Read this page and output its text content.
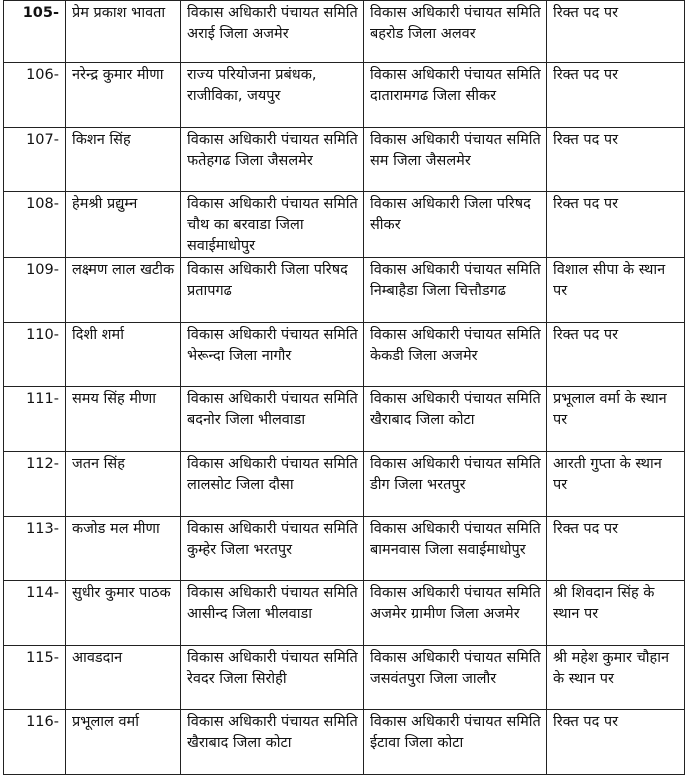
105-	प्रेम प्रकाश भावता	विकास अधिकारी पंचायत समिति अराई जिला अजमेर	विकास अधिकारी पंचायत समिति बहरोड जिला अलवर	रिक्त पद पर
106-	नरेन्द्र कुमार मीणा	राज्य परियोजना प्रबंधक, राजीविका, जयपुर	विकास अधिकारी पंचायत समिति दातारामगढ जिला सीकर	रिक्त पद पर
107-	किशन सिंह	विकास अधिकारी पंचायत समिति फतेहगढ जिला जैसलमेर	विकास अधिकारी पंचायत समिति सम जिला जैसलमेर	रिक्त पद पर
108-	हेमश्री प्रद्युम्न	विकास अधिकारी पंचायत समिति चौथ का बरवाडा जिला सवाईमाधोपुर	विकास अधिकारी जिला परिषद सीकर	रिक्त पद पर
109-	लक्ष्मण लाल खटीक	विकास अधिकारी जिला परिषद प्रतापगढ	विकास अधिकारी पंचायत समिति निम्बाहैडा जिला चित्तौडगढ	विशाल सीपा के स्थान पर
110-	दिशी शर्मा	विकास अधिकारी पंचायत समिति भेरून्दा जिला नागौर	विकास अधिकारी पंचायत समिति केकडी जिला अजमेर	रिक्त पद पर
111-	समय सिंह मीणा	विकास अधिकारी पंचायत समिति बदनोर जिला भीलवाडा	विकास अधिकारी पंचायत समिति खैराबाद जिला कोटा	प्रभूलाल वर्मा के स्थान पर
112-	जतन सिंह	विकास अधिकारी पंचायत समिति लालसोट जिला दौसा	विकास अधिकारी पंचायत समिति डीग जिला भरतपुर	आरती गुप्ता के स्थान पर
113-	कजोड मल मीणा	विकास अधिकारी पंचायत समिति कुम्हेर जिला भरतपुर	विकास अधिकारी पंचायत समिति बामनवास जिला सवाईमाधोपुर	रिक्त पद पर
114-	सुधीर कुमार पाठक	विकास अधिकारी पंचायत समिति आसीन्द जिला भीलवाडा	विकास अधिकारी पंचायत समिति अजमेर ग्रामीण जिला अजमेर	श्री शिवदान सिंह के स्थान पर
115-	आवडदान	विकास अधिकारी पंचायत समिति रेवदर जिला सिरोही	विकास अधिकारी पंचायत समिति जसवंतपुरा जिला जालौर	श्री महेश कुमार चौहान के स्थान पर
116-	प्रभूलाल वर्मा	विकास अधिकारी पंचायत समिति खैराबाद जिला कोटा	विकास अधिकारी पंचायत समिति ईटावा जिला कोटा	रिक्त पद पर
